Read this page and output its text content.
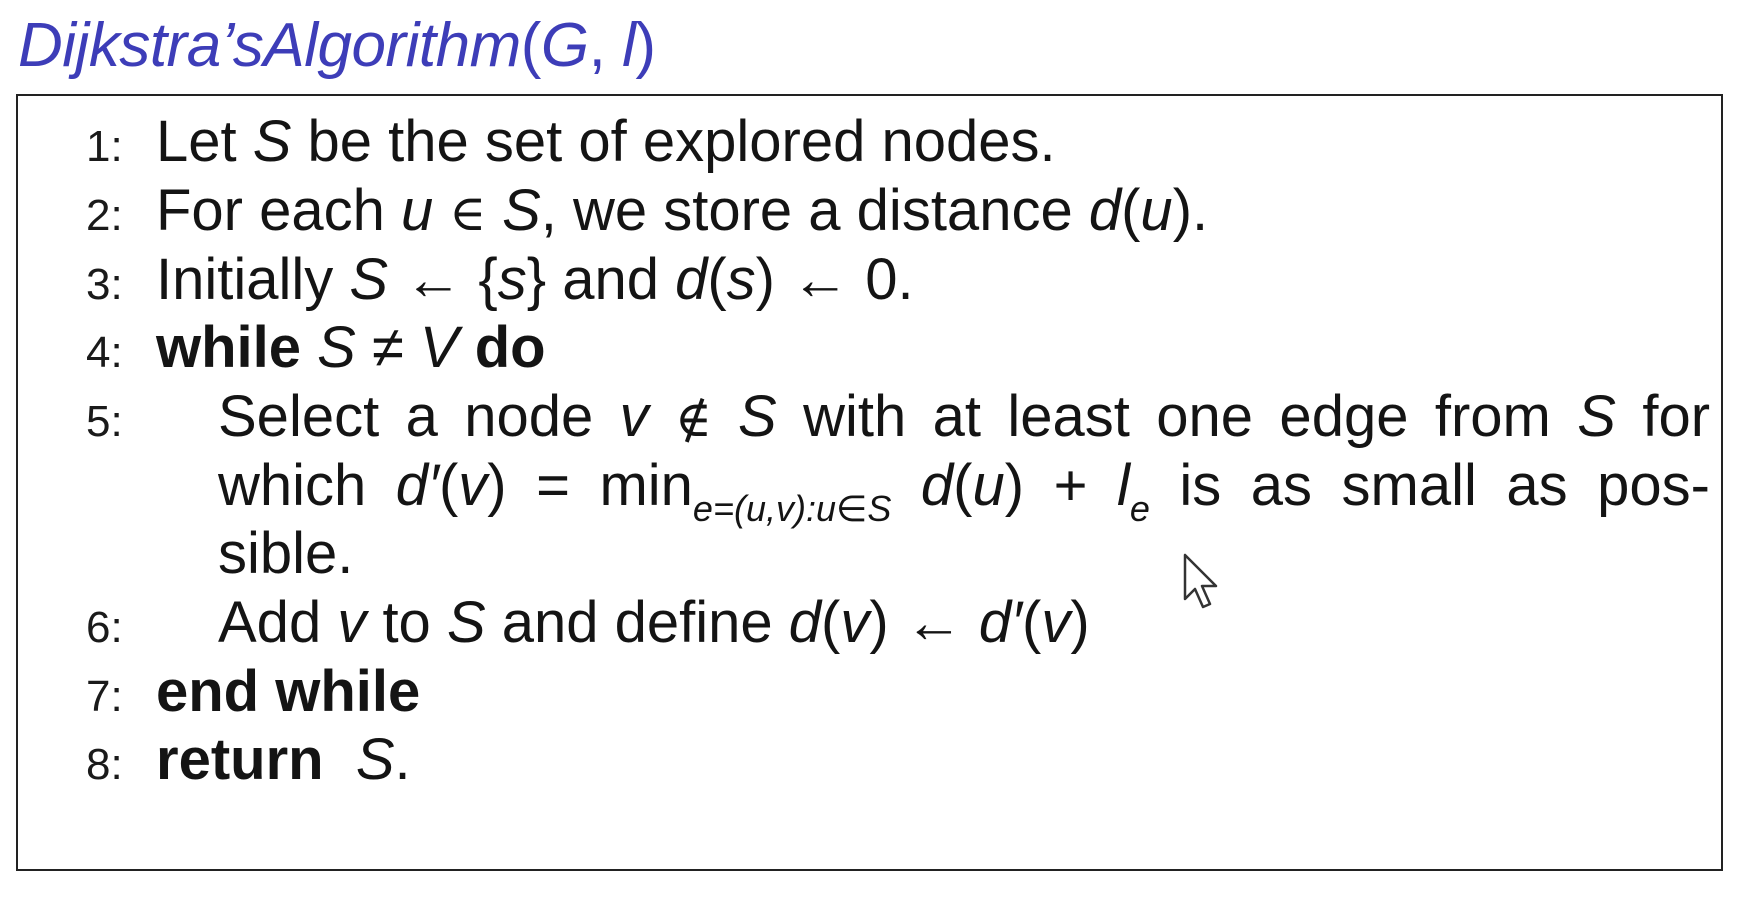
Dijkstra’sAlgorithm(G, l)
1: Let S be the set of explored nodes.
2: For each u ∈ S, we store a distance d(u).
3: Initially S ← {s} and d(s) ← 0.
4: while S ≠ V do
5: Select a node v ∉ S with at least one edge from S for
which $d'(v) = \min_{e=(u,v):u\in S} d(u) + l_e$ is as small as pos-
sible.
6: Add v to S and define d(v) ← d′(v)
7: end while
8: return S.
